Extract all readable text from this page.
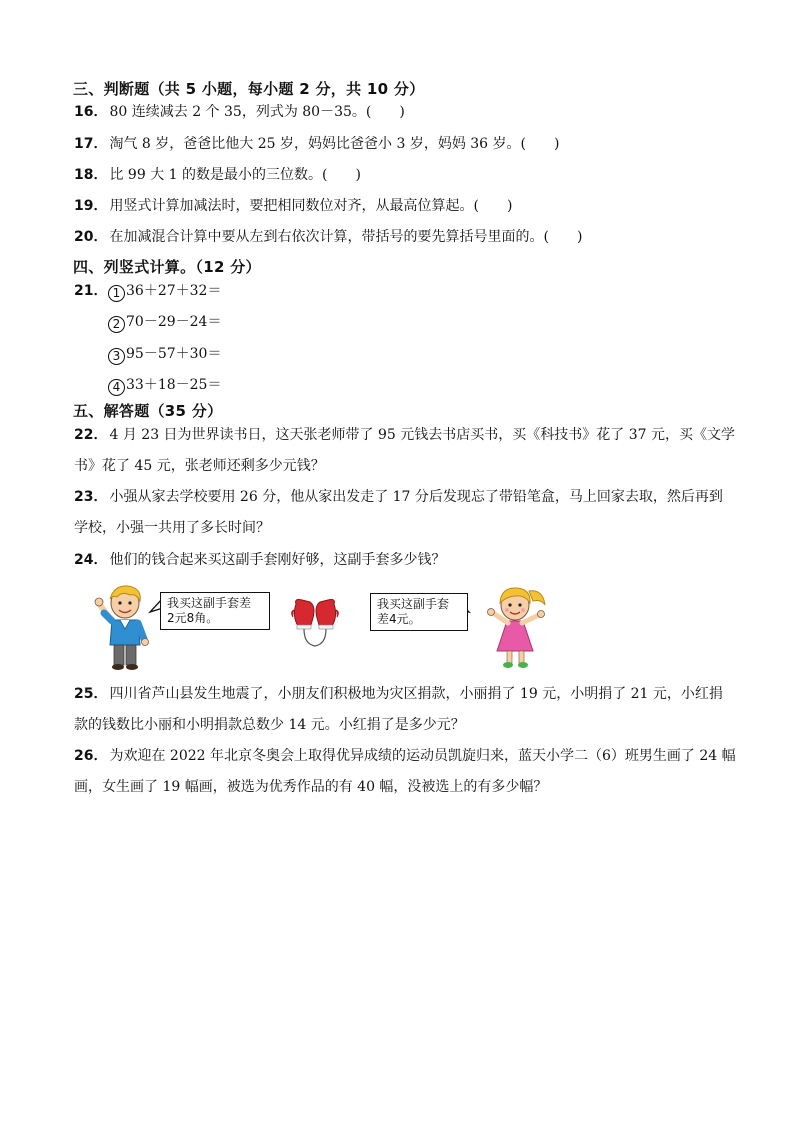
三、判断题（共 5 小题，每小题 2 分，共 10 分）
16． 80 连续减去 2 个 35，列式为 80－35。(　　)
17． 淘气 8 岁，爸爸比他大 25 岁，妈妈比爸爸小 3 岁，妈妈 36 岁。(　　)
18． 比 99 大 1 的数是最小的三位数。(　　)
19． 用竖式计算加减法时，要把相同数位对齐，从最高位算起。(　　)
20． 在加减混合计算中要从左到右依次计算，带括号的要先算括号里面的。(　　)
四、列竖式计算。（12 分）
21． 1 36＋27＋32＝
2 70－29－24＝
3 95－57＋30＝
4 33＋18－25＝
五、解答题（35 分）
22． 4 月 23 日为世界读书日，这天张老师带了 95 元钱去书店买书，买《科技书》花了 37 元，买《文学
书》花了 45 元，张老师还剩多少元钱？
23． 小强从家去学校要用 26 分，他从家出发走了 17 分后发现忘了带铅笔盒，马上回家去取，然后再到
学校，小强一共用了多长时间？
24． 他们的钱合起来买这副手套刚好够，这副手套多少钱？
我买这副手套差
2元8角。
我买这副手套
差4元。
25． 四川省芦山县发生地震了，小朋友们积极地为灾区捐款，小丽捐了 19 元，小明捐了 21 元，小红捐
款的钱数比小丽和小明捐款总数少 14 元。小红捐了是多少元？
26． 为欢迎在 2022 年北京冬奥会上取得优异成绩的运动员凯旋归来，蓝天小学二（6）班男生画了 24 幅
画，女生画了 19 幅画，被选为优秀作品的有 40 幅，没被选上的有多少幅？
